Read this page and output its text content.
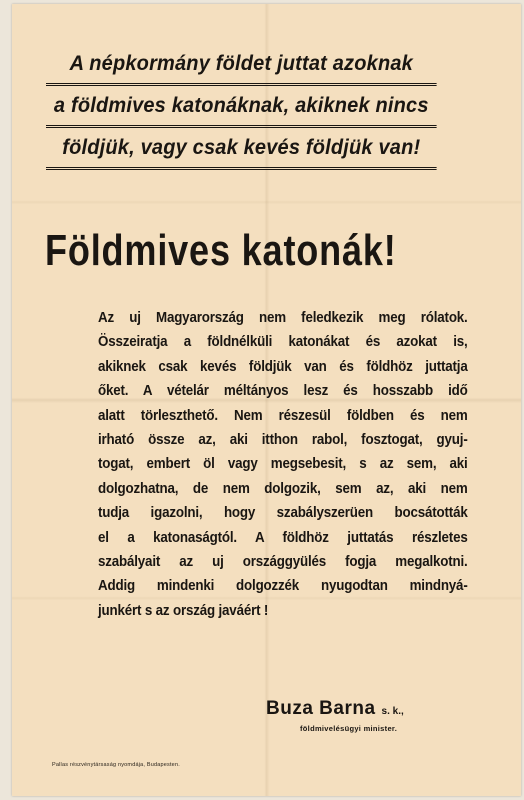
A népkormány földet juttat azoknak
a földmives katonáknak, akiknek nincs
földjük, vagy csak kevés földjük van!
Földmives katonák!
Az uj Magyarország nem feledkezik meg rólatok.
Összeiratja a földnélküli katonákat és azokat is,
akiknek csak kevés földjük van és földhöz juttatja
őket. A vételár méltányos lesz és hosszabb idő
alatt törleszthető. Nem részesül földben és nem
irható össze az, aki itthon rabol, fosztogat, gyuj-
togat, embert öl vagy megsebesit, s az sem, aki
dolgozhatna, de nem dolgozik, sem az, aki nem
tudja igazolni, hogy szabályszerüen bocsátották
el a katonaságtól. A földhöz juttatás részletes
szabályait az uj országgyülés fogja megalkotni.
Addig mindenki dolgozzék nyugodtan mindnyá-
junkért s az ország javáért !
Buza Barna s. k.,
földmivelésügyi minister.
Pallas részvénytársaság nyomdája, Budapesten.
